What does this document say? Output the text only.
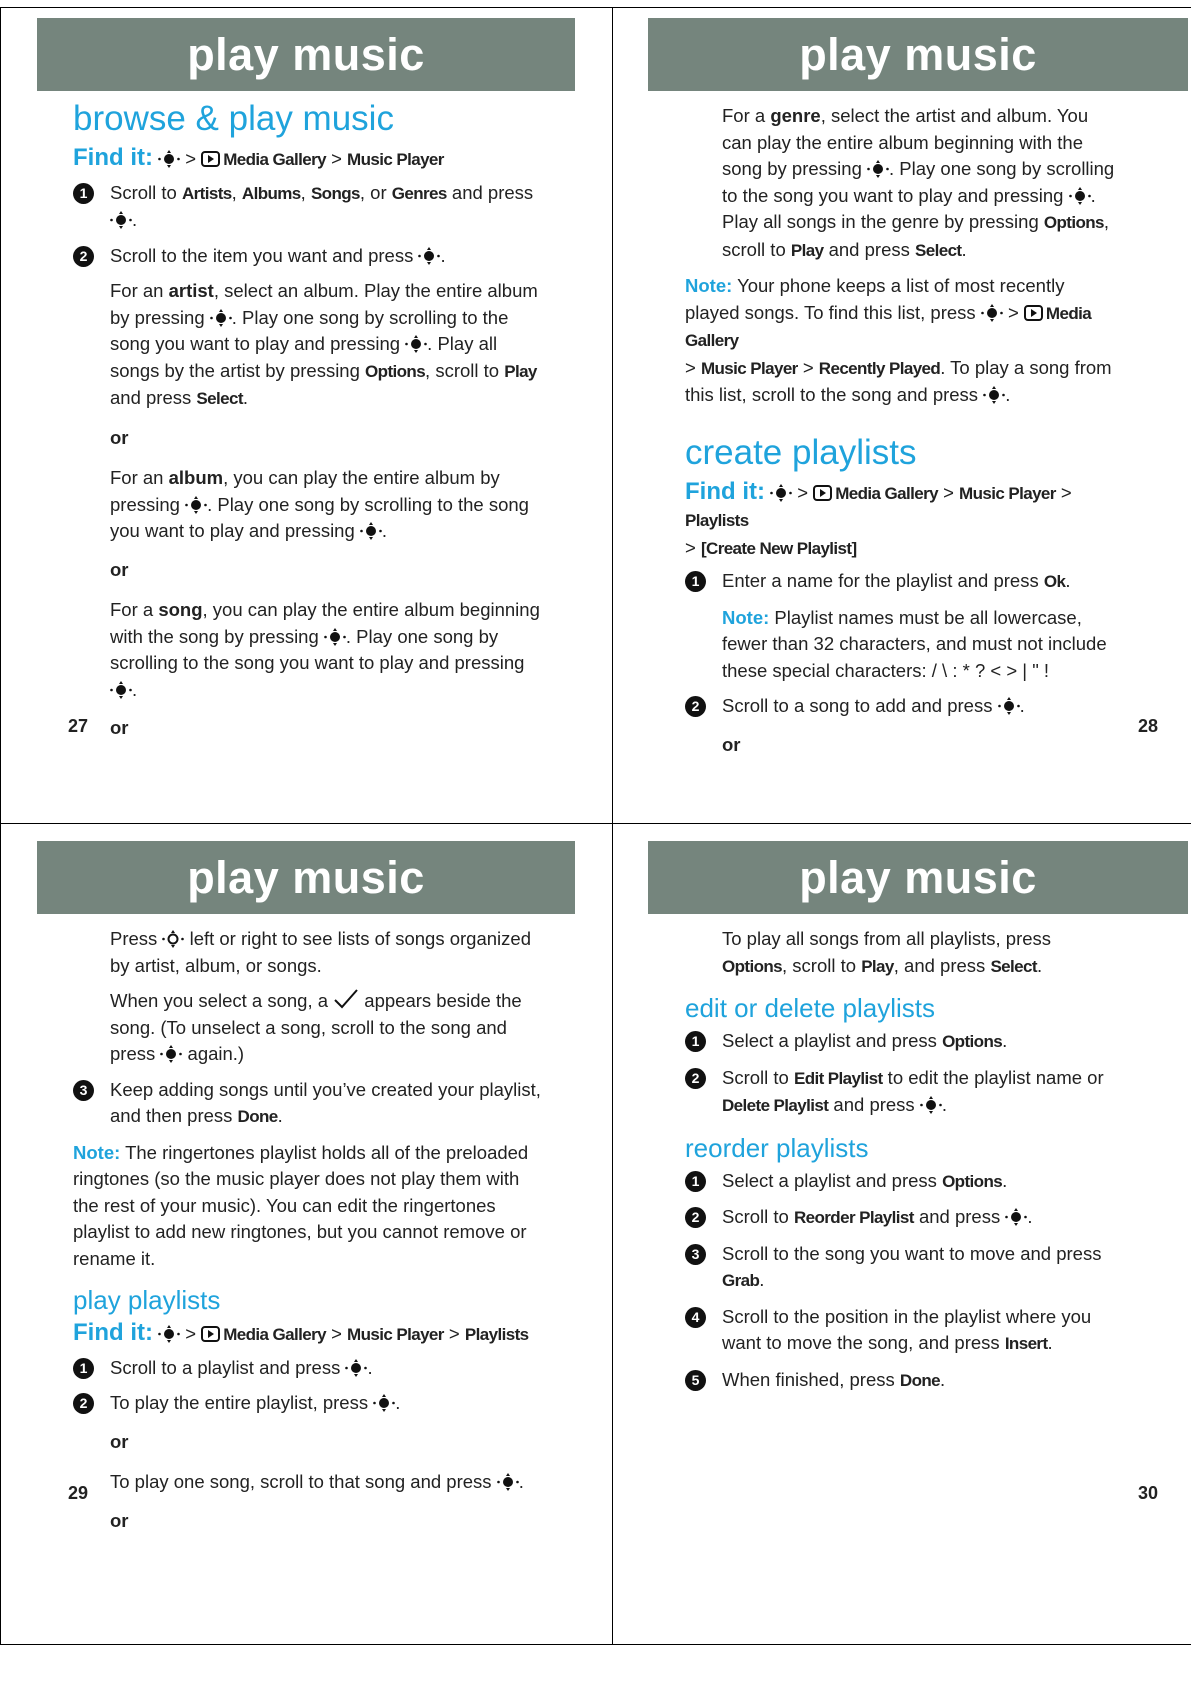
play music
browse & play music
Find it:
> Media Gallery > Music Player
1	Scroll to Artists, Albums, Songs, or Genres and press
.
2	Scroll to the item you want and press
.
For an artist, select an album. Play the entire album by pressing
. Play one song by scrolling to the song you want to play and pressing
. Play all songs by the artist by pressing Options, scroll to Play and press Select.
or
For an album, you can play the entire album by pressing
. Play one song by scrolling to the song you want to play and pressing
.
or
For a song, you can play the entire album beginning with the song by pressing
. Play one song by scrolling to the song you want to play and pressing
.
or
27
play music
For a genre, select the artist and album. You can play the entire album beginning with the song by pressing
. Play one song by scrolling to the song you want to play and pressing
. Play all songs in the genre by pressing Options, scroll to Play and press Select.
Note: Your phone keeps a list of most recently played songs. To find this list, press
> Media Gallery
> Music Player > Recently Played. To play a song from this list, scroll to the song and press
.
create playlists
Find it:
> Media Gallery > Music Player > Playlists
> [Create New Playlist]
1	Enter a name for the playlist and press Ok.
Note: Playlist names must be all lowercase, fewer than 32 characters, and must not include these special characters: / \ : * ? < > | " !
2	Scroll to a song to add and press
.
or
28
play music
Press
left or right to see lists of songs organized by artist, album, or songs.
When you select a song, a  appears beside the song. (To unselect a song, scroll to the song and press
again.)
3	Keep adding songs until you’ve created your playlist, and then press Done.
Note: The ringertones playlist holds all of the preloaded ringtones (so the music player does not play them with the rest of your music). You can edit the ringertones playlist to add new ringtones, but you cannot remove or rename it.
play playlists
Find it:
> Media Gallery > Music Player > Playlists
1	Scroll to a playlist and press
.
2	To play the entire playlist, press
.
or
To play one song, scroll to that song and press
.
or
29
play music
To play all songs from all playlists, press Options, scroll to Play, and press Select.
edit or delete playlists
1	Select a playlist and press Options.
2	Scroll to Edit Playlist to edit the playlist name or Delete Playlist and press
.
reorder playlists
1	Select a playlist and press Options.
2	Scroll to Reorder Playlist and press
.
3	Scroll to the song you want to move and press Grab.
4	Scroll to the position in the playlist where you want to move the song, and press Insert.
5	When finished, press Done.
30
